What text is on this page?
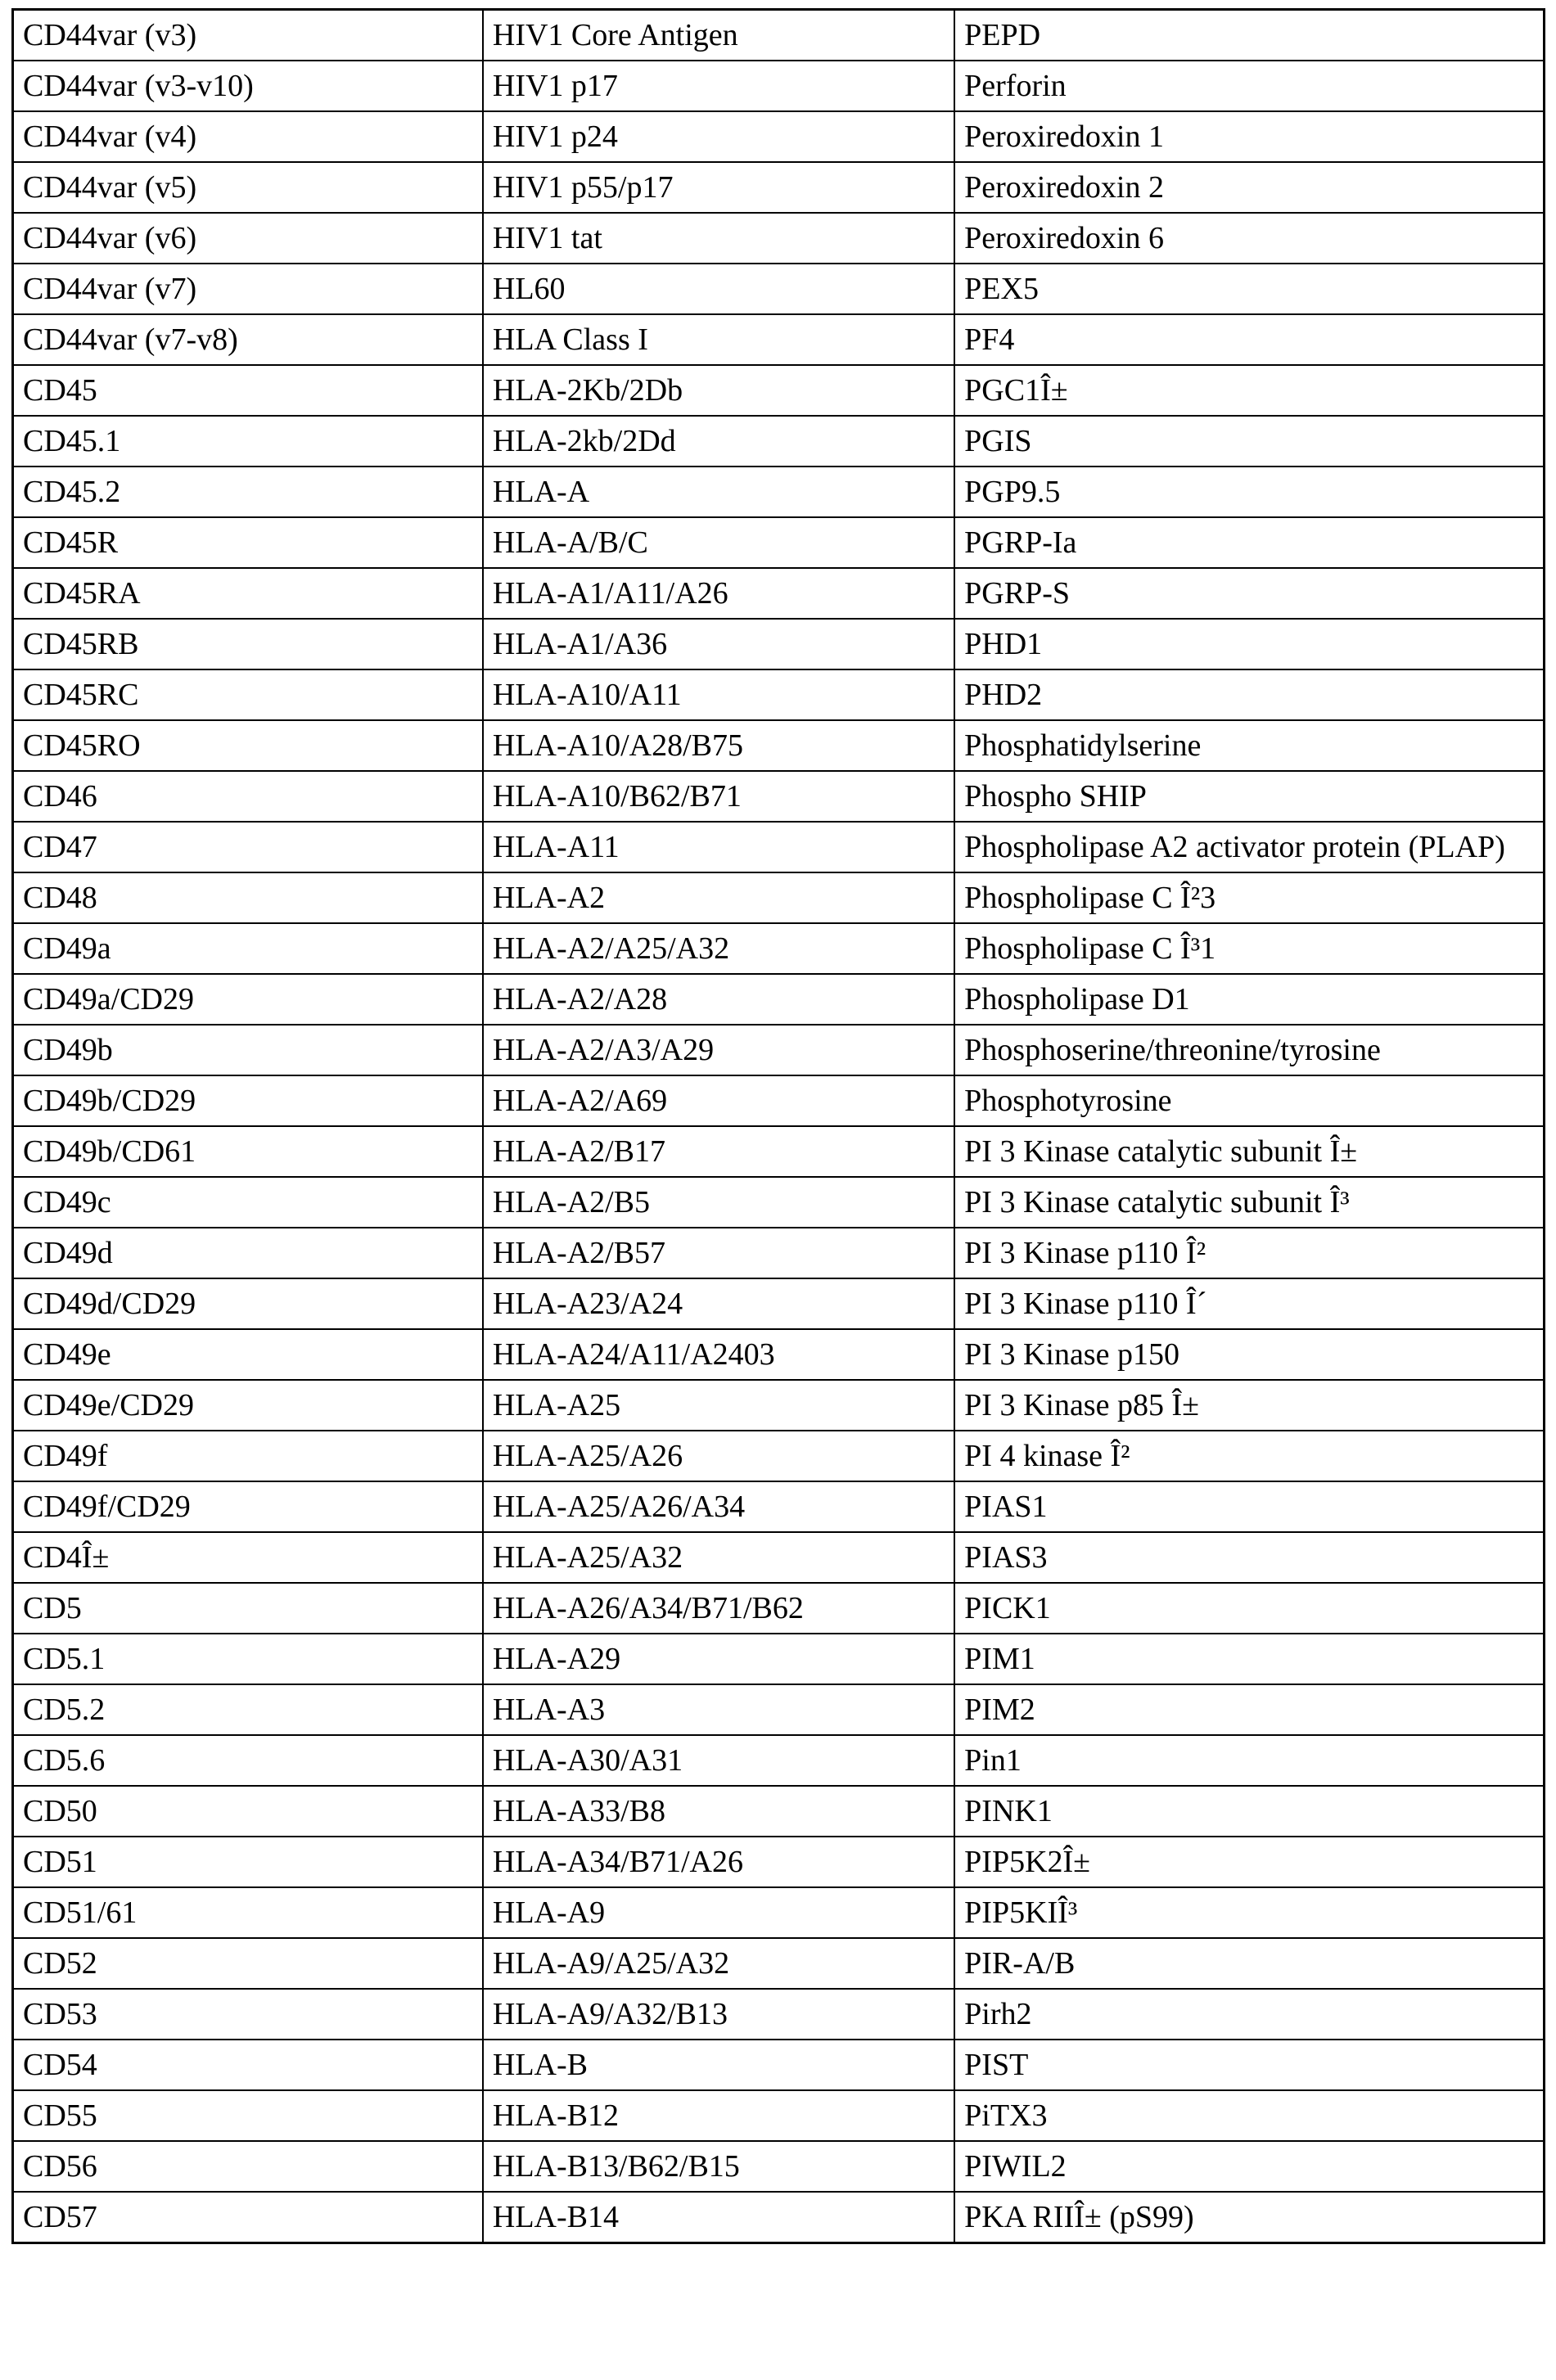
CD44var (v3)	HIV1 Core Antigen	PEPD
CD44var (v3-v10)	HIV1 p17	Perforin
CD44var (v4)	HIV1 p24	Peroxiredoxin 1
CD44var (v5)	HIV1 p55/p17	Peroxiredoxin 2
CD44var (v6)	HIV1 tat	Peroxiredoxin 6
CD44var (v7)	HL60	PEX5
CD44var (v7-v8)	HLA Class I	PF4
CD45	HLA-2Kb/2Db	PGC1Î±
CD45.1	HLA-2kb/2Dd	PGIS
CD45.2	HLA-A	PGP9.5
CD45R	HLA-A/B/C	PGRP-Ia
CD45RA	HLA-A1/A11/A26	PGRP-S
CD45RB	HLA-A1/A36	PHD1
CD45RC	HLA-A10/A11	PHD2
CD45RO	HLA-A10/A28/B75	Phosphatidylserine
CD46	HLA-A10/B62/B71	Phospho SHIP
CD47	HLA-A11	Phospholipase A2 activator protein (PLAP)
CD48	HLA-A2	Phospholipase C Î²3
CD49a	HLA-A2/A25/A32	Phospholipase C Î³1
CD49a/CD29	HLA-A2/A28	Phospholipase D1
CD49b	HLA-A2/A3/A29	Phosphoserine/threonine/tyrosine
CD49b/CD29	HLA-A2/A69	Phosphotyrosine
CD49b/CD61	HLA-A2/B17	PI 3 Kinase catalytic subunit Î±
CD49c	HLA-A2/B5	PI 3 Kinase catalytic subunit Î³
CD49d	HLA-A2/B57	PI 3 Kinase p110 Î²
CD49d/CD29	HLA-A23/A24	PI 3 Kinase p110 Î´
CD49e	HLA-A24/A11/A2403	PI 3 Kinase p150
CD49e/CD29	HLA-A25	PI 3 Kinase p85 Î±
CD49f	HLA-A25/A26	PI 4 kinase Î²
CD49f/CD29	HLA-A25/A26/A34	PIAS1
CD4Î±	HLA-A25/A32	PIAS3
CD5	HLA-A26/A34/B71/B62	PICK1
CD5.1	HLA-A29	PIM1
CD5.2	HLA-A3	PIM2
CD5.6	HLA-A30/A31	Pin1
CD50	HLA-A33/B8	PINK1
CD51	HLA-A34/B71/A26	PIP5K2Î±
CD51/61	HLA-A9	PIP5KIÎ³
CD52	HLA-A9/A25/A32	PIR-A/B
CD53	HLA-A9/A32/B13	Pirh2
CD54	HLA-B	PIST
CD55	HLA-B12	PiTX3
CD56	HLA-B13/B62/B15	PIWIL2
CD57	HLA-B14	PKA RIIÎ± (pS99)
